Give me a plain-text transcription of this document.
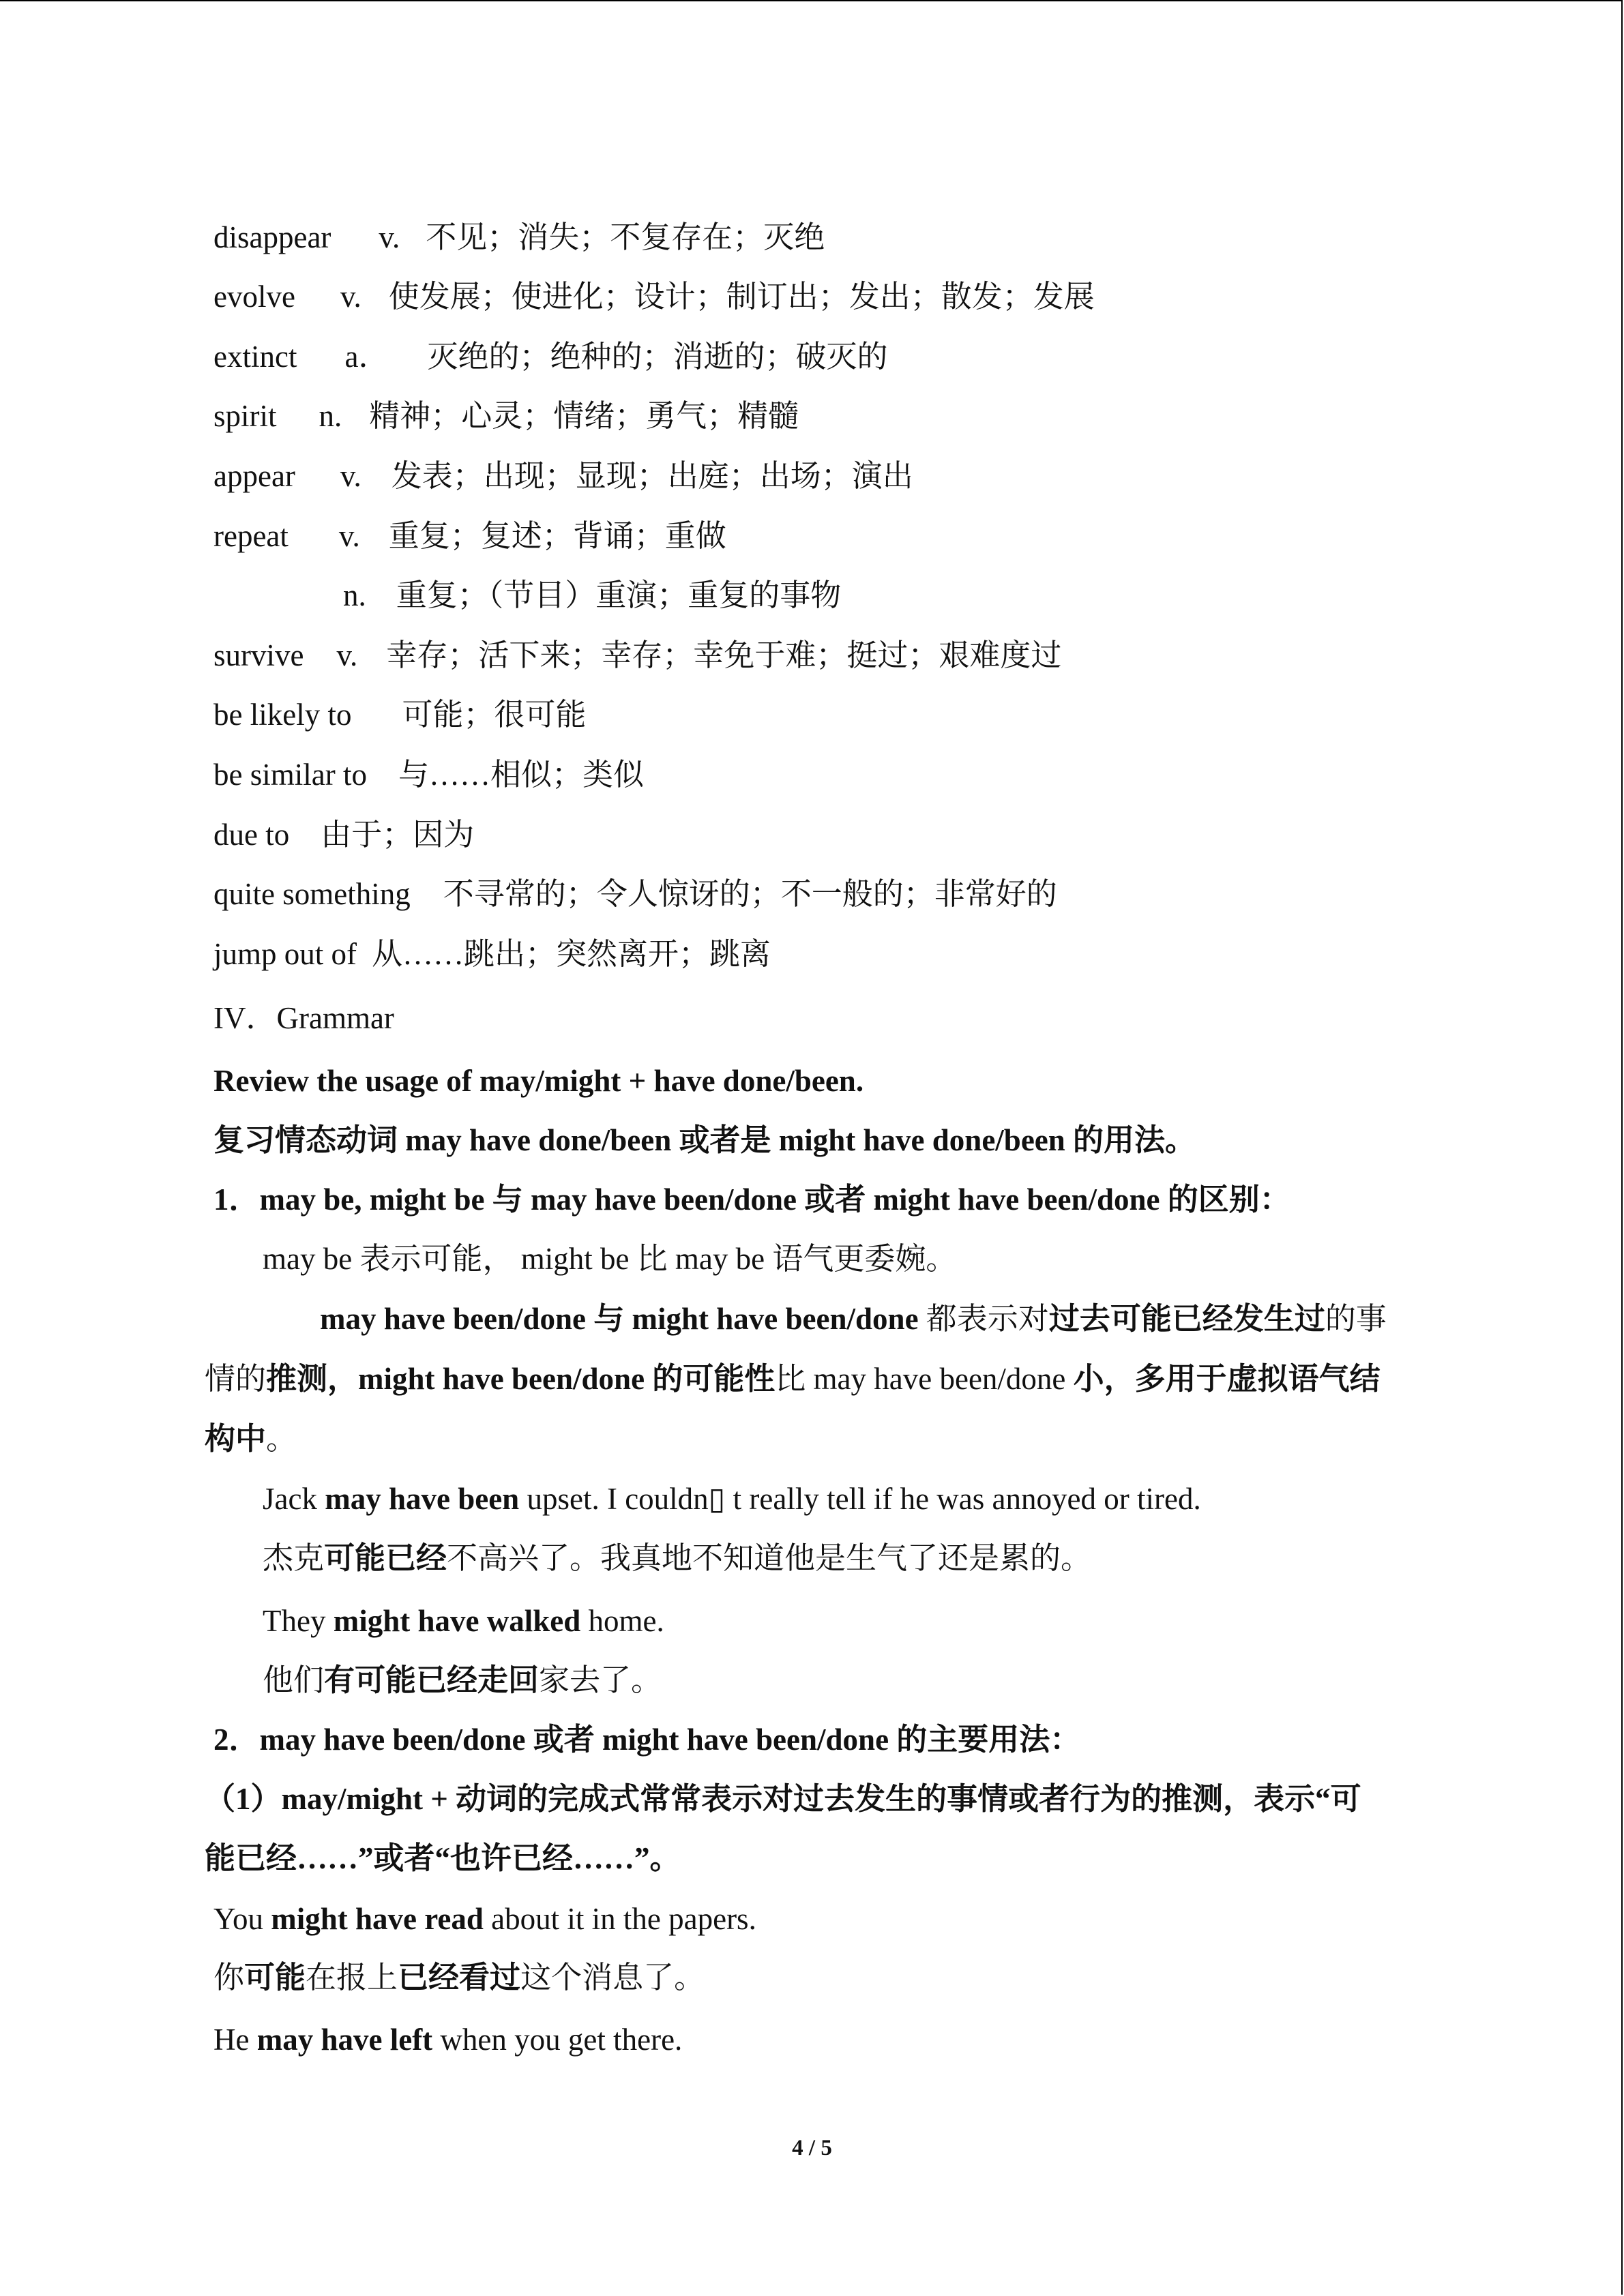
disappear v. 不见；消失；不复存在；灭绝
evolve v. 使发展；使进化；设计；制订出；发出；散发；发展
extinct a． 灭绝的；绝种的；消逝的；破灭的
spirit n. 精神；心灵；情绪；勇气；精髓
appear v. 发表；出现；显现；出庭；出场；演出
repeat v. 重复；复述；背诵；重做
n. 重复；（节目）重演；重复的事物
survive v. 幸存；活下来；幸存；幸免于难；挺过；艰难度过
be likely to 可能；很可能
be similar to 与……相似；类似
due to 由于；因为
quite something 不寻常的；令人惊讶的；不一般的；非常好的
jump out of 从……跳出；突然离开；跳离
IV．Grammar
Review the usage of may/might + have done/been.
复习情态动词 may have done/been 或者是 might have done/been 的用法。
1．may be, might be 与 may have been/done 或者 might have been/done 的区别：
may be 表示可能， might be 比 may be 语气更委婉。
may have been/done 与 might have been/done 都表示对过去可能已经发生过的事
情的推测，might have been/done 的可能性比 may have been/done 小，多用于虚拟语气结
构中。
Jack may have been upset. I couldn▯ t really tell if he was annoyed or tired.
杰克可能已经不高兴了。我真地不知道他是生气了还是累的。
They might have walked home.
他们有可能已经走回家去了。
2．may have been/done 或者 might have been/done 的主要用法：
（1）may/might + 动词的完成式常常表示对过去发生的事情或者行为的推测，表示“可
能已经……”或者“也许已经……”。
You might have read about it in the papers.
你可能在报上已经看过这个消息了。
He may have left when you get there.
4 / 5
